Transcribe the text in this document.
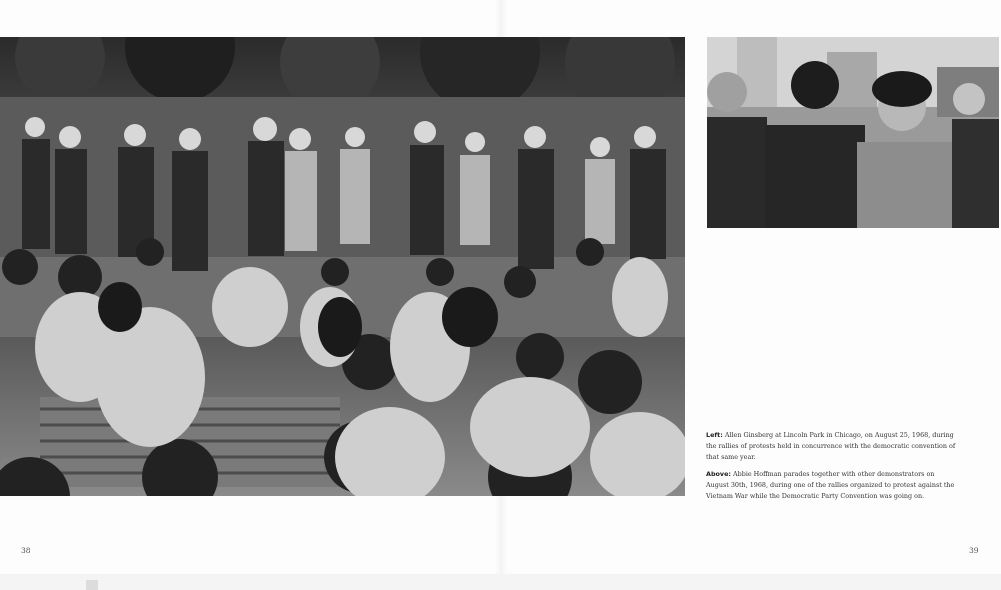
Left: Allen Ginsberg at Lincoln Park in Chicago, on August 25, 1968, during the rallies of protests held in concurrence with the democratic convention of that same year.

Above: Abbie Hoffman parades together with other demonstrators on August 30th, 1968, during one of the rallies organized to protest against the Vietnam War while the Democratic Party Convention was going on.

38	39
